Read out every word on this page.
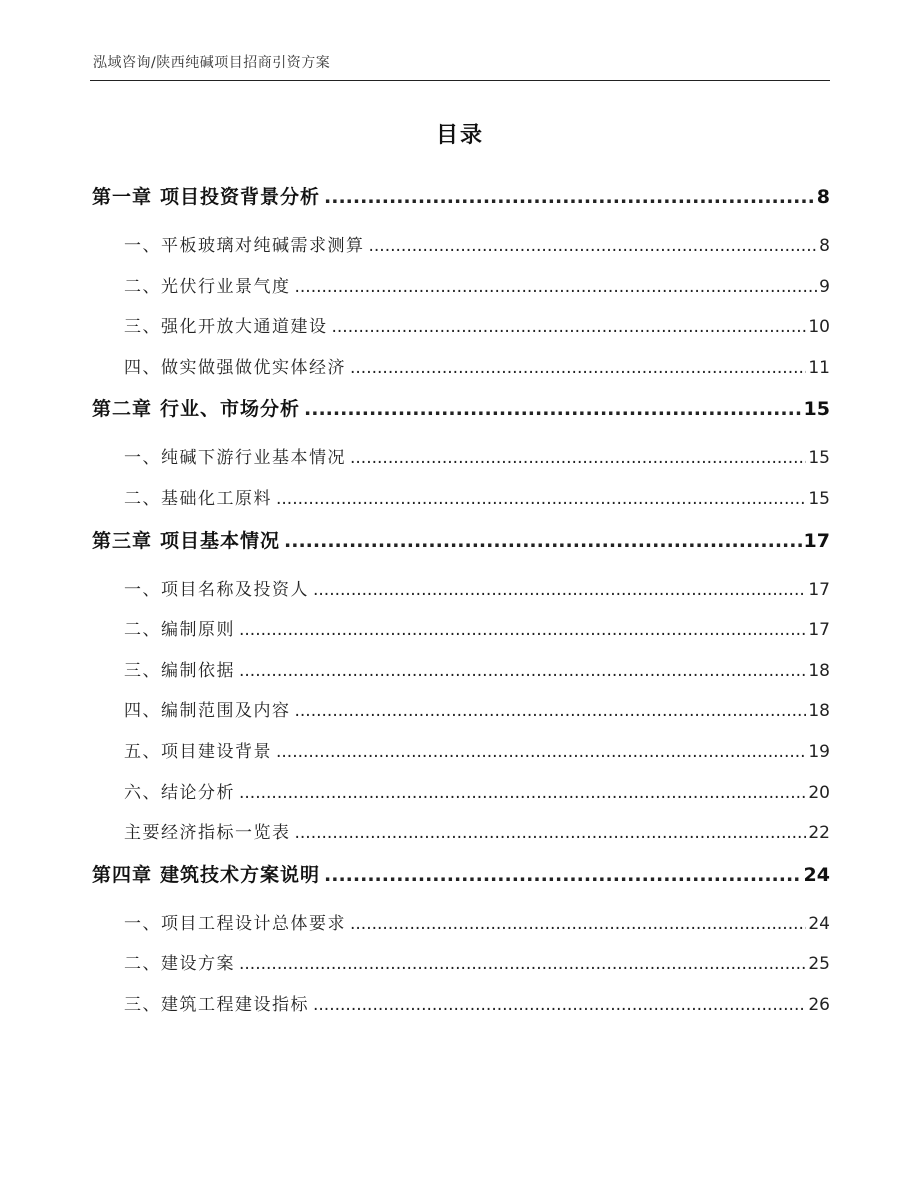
泓域咨询/陕西纯碱项目招商引资方案
目录
第一章 项目投资背景分析 .....	8
一、 平板玻璃对纯碱需求测算 .....	8
二、 光伏行业景气度 .....	9
三、 强化开放大通道建设 .....	10
四、 做实做强做优实体经济 .....	11
第二章 行业、市场分析 .....	15
一、 纯碱下游行业基本情况 .....	15
二、 基础化工原料 .....	15
第三章 项目基本情况 .....	17
一、 项目名称及投资人 .....	17
二、 编制原则 .....	17
三、 编制依据 .....	18
四、 编制范围及内容 .....	18
五、 项目建设背景 .....	19
六、 结论分析 .....	20
主要经济指标一览表 .....	22
第四章 建筑技术方案说明 .....	24
一、 项目工程设计总体要求 .....	24
二、 建设方案 .....	25
三、 建筑工程建设指标 .....	26
